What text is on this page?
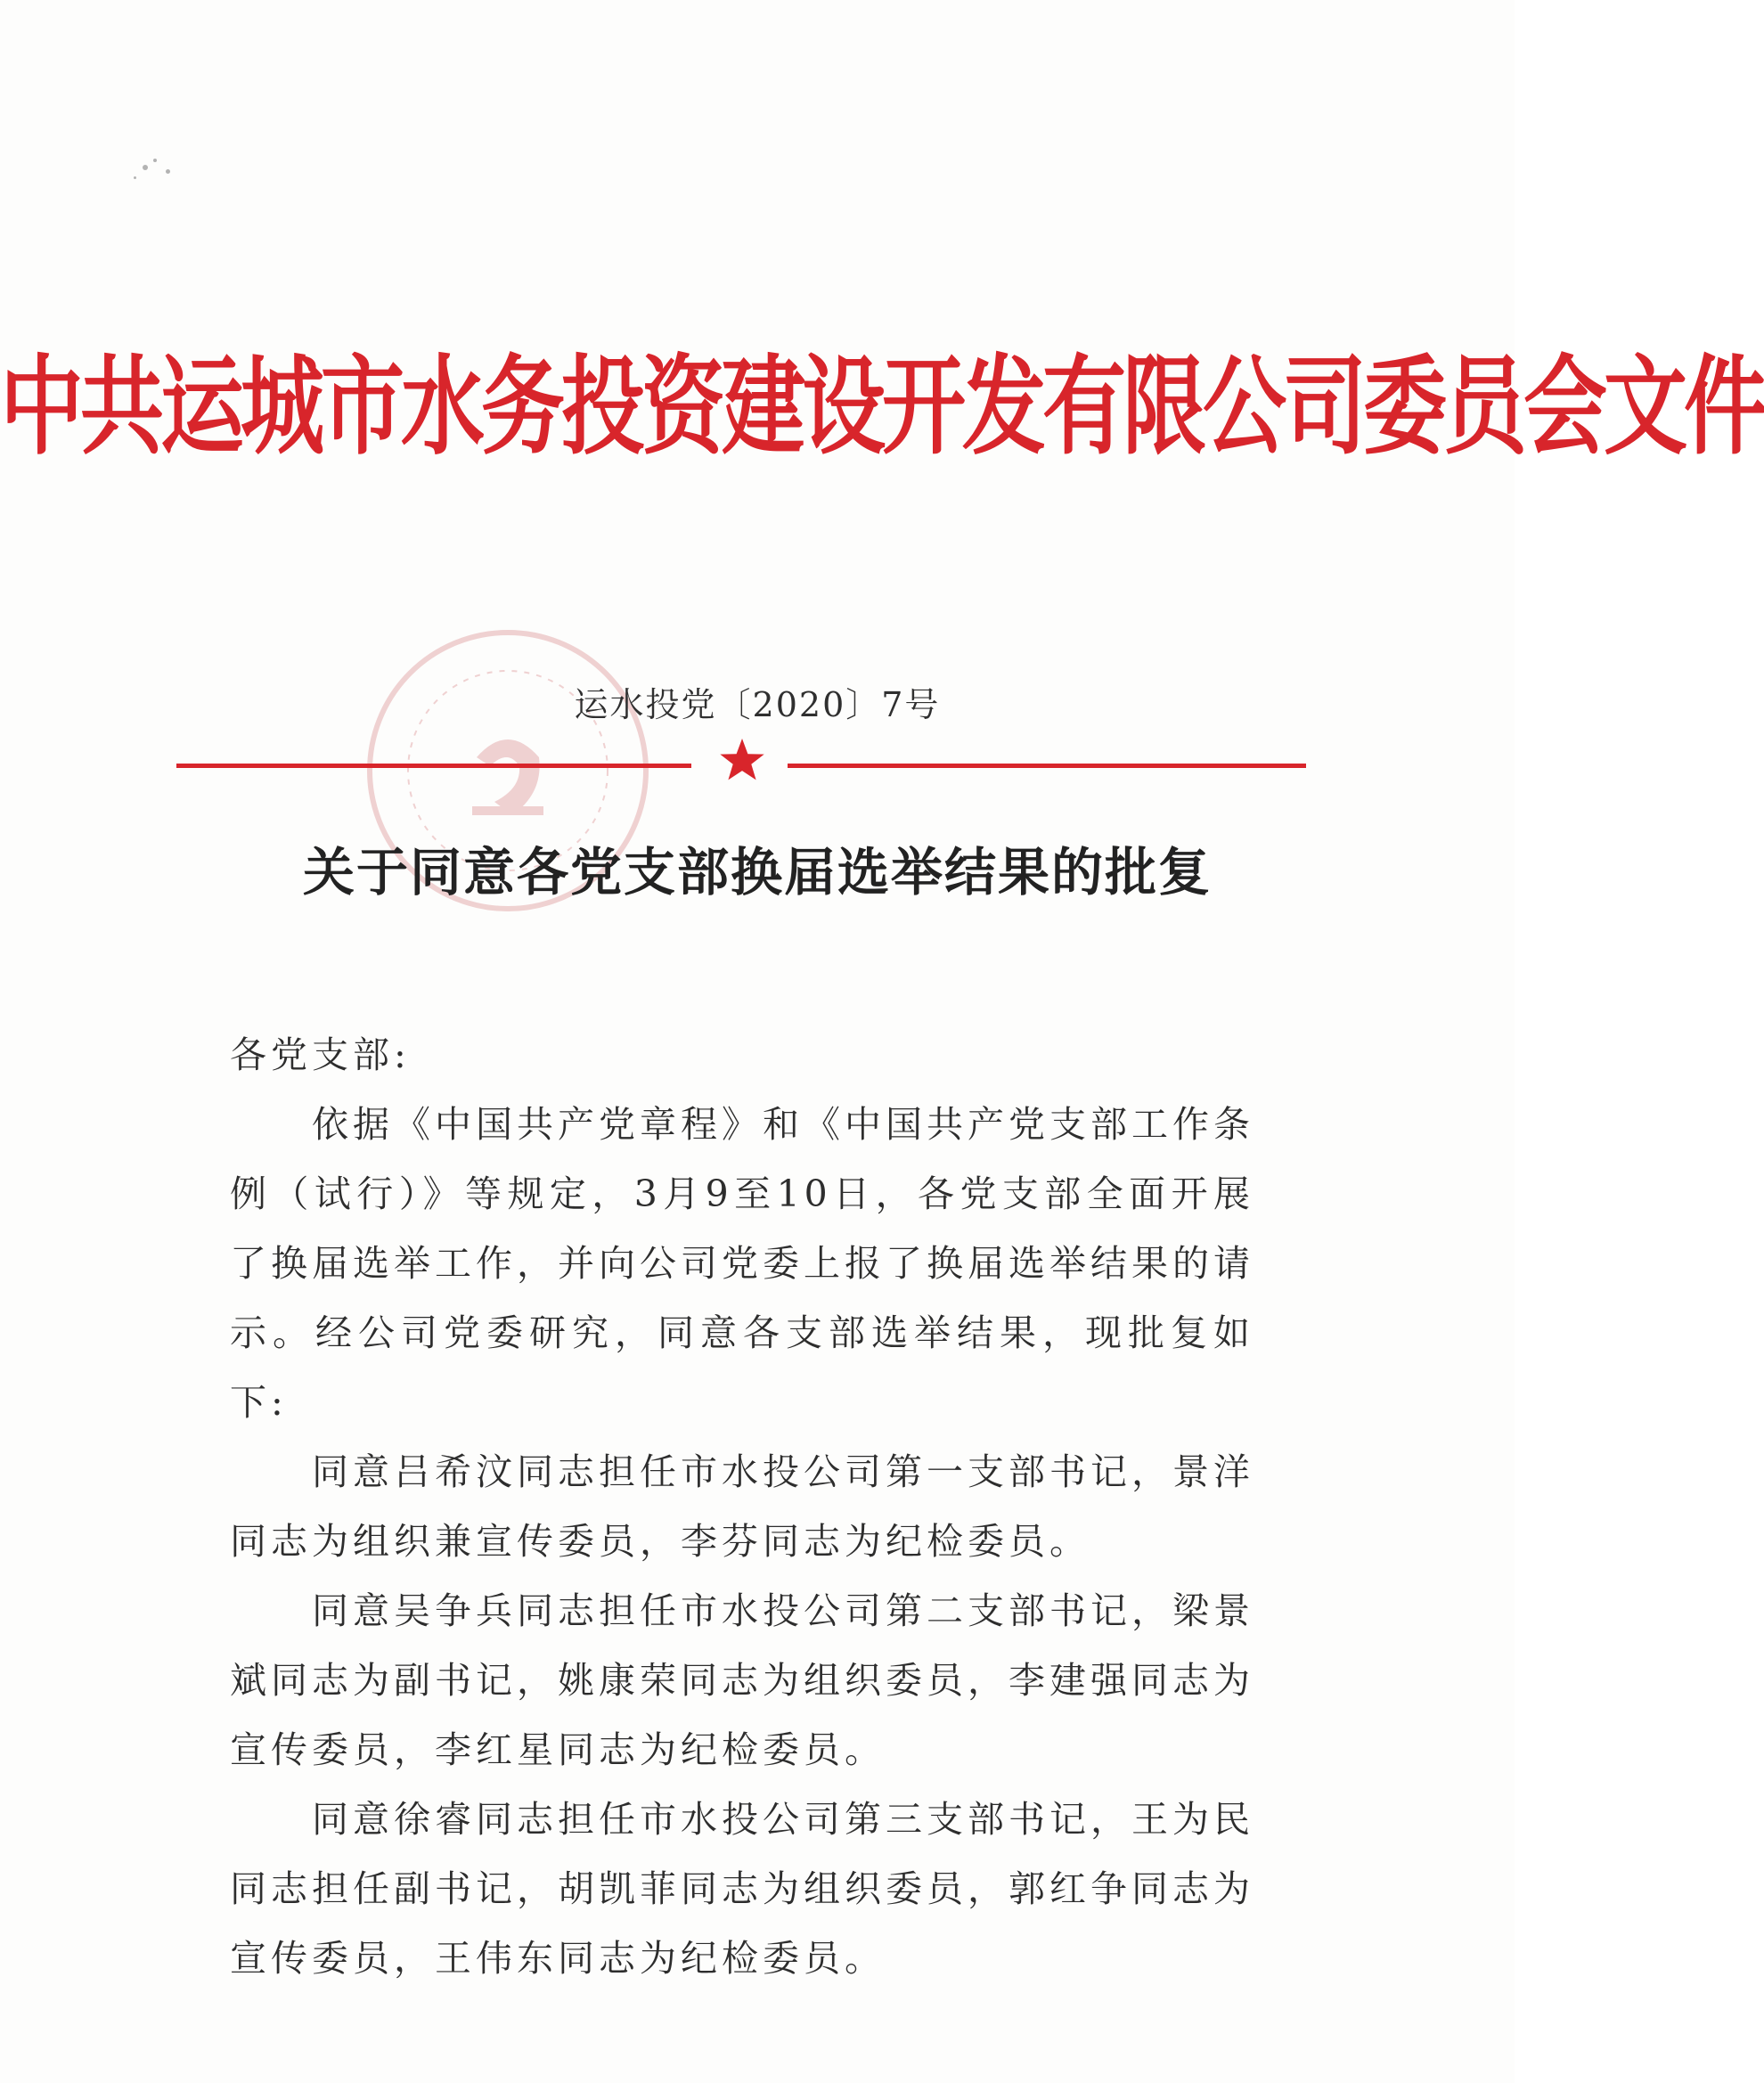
中共运城市水务投资建设开发有限公司委员会文件
运水投党〔2020〕7号
关于同意各党支部换届选举结果的批复

各党支部:

依据《中国共产党章程》和《中国共产党支部工作条例（试行）》等规定，3月9至10日，各党支部全面开展了换届选举工作，并向公司党委上报了换届选举结果的请示。经公司党委研究，同意各支部选举结果，现批复如下:

同意吕希汶同志担任市水投公司第一支部书记，景洋同志为组织兼宣传委员，李芬同志为纪检委员。

同意吴争兵同志担任市水投公司第二支部书记，梁景斌同志为副书记，姚康荣同志为组织委员，李建强同志为宣传委员，李红星同志为纪检委员。

同意徐睿同志担任市水投公司第三支部书记，王为民同志担任副书记，胡凯菲同志为组织委员，郭红争同志为宣传委员，王伟东同志为纪检委员。
